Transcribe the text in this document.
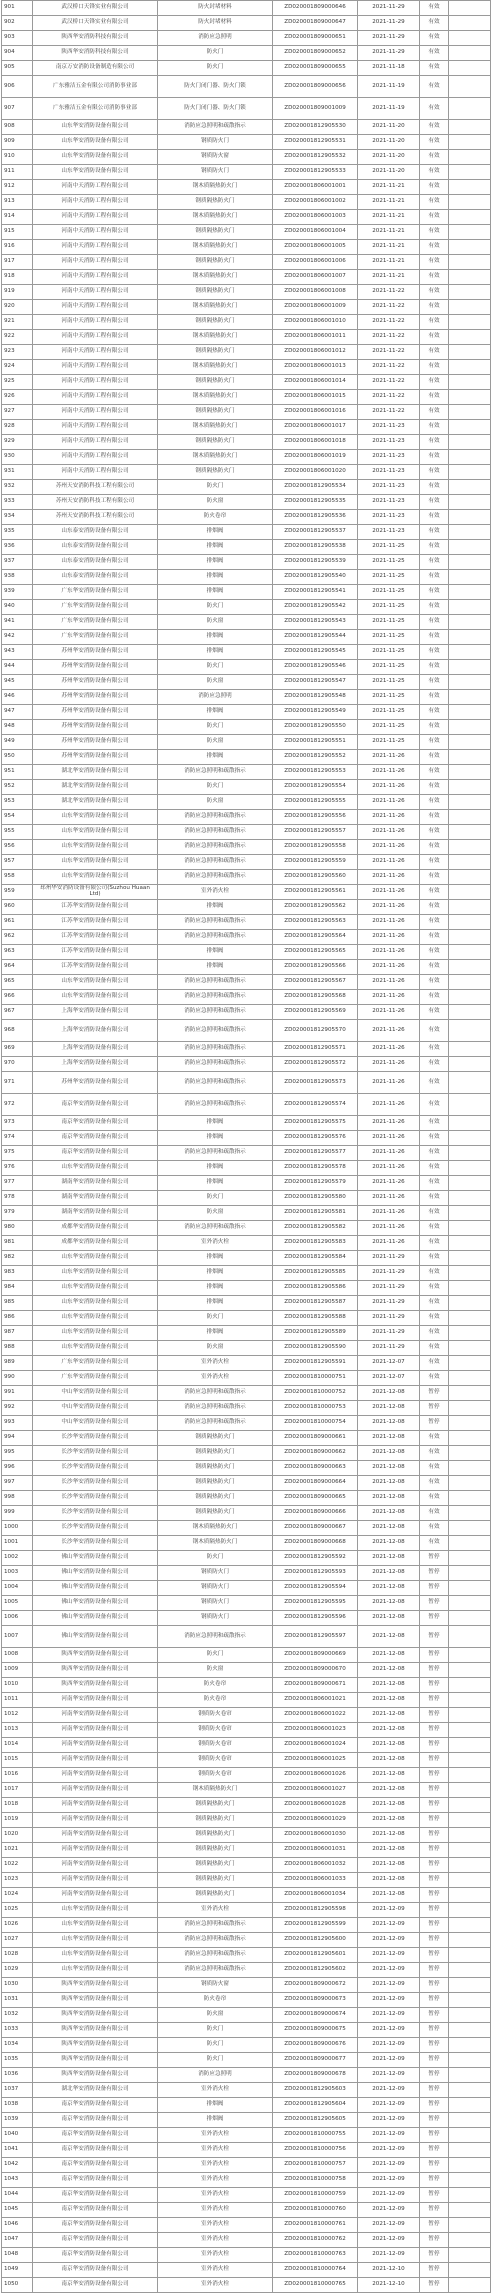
901	武汉桥口天锋实业有限公司	防火封堵材料	ZD020001809000646	2021-11-29	有效	
902	武汉桥口天锋实业有限公司	防火封堵材料	ZD020001809000647	2021-11-29	有效	
903	陕西华安消防科技有限公司	消防应急照明	ZD020001809000651	2021-11-29	有效	
904	陕西华安消防科技有限公司	防火门	ZD020001809000652	2021-11-29	有效	
905	南京万安消防设备制造有限公司	防火门	ZD020001809000655	2021-11-18	有效	
906	广东雅洁五金有限公司消防事业部	防火门闭门器、防火门锁	ZD020001809000656	2021-11-19	有效	
907	广东雅洁五金有限公司消防事业部	防火门闭门器、防火门锁	ZD020001809001009	2021-11-19	有效	
908	山东华安消防设备有限公司	消防应急照明和疏散指示	ZD020001812905530	2021-11-20	有效	
909	山东华安消防设备有限公司	钢质防火门	ZD020001812905531	2021-11-20	有效	
910	山东华安消防设备有限公司	钢质防火窗	ZD020001812905532	2021-11-20	有效	
911	山东华安消防设备有限公司	钢质防火门	ZD020001812905533	2021-11-20	有效	
912	河南中天消防工程有限公司	钢木质隔热防火门	ZD020001806001001	2021-11-21	有效	
913	河南中天消防工程有限公司	钢质隔热防火门	ZD020001806001002	2021-11-21	有效	
914	河南中天消防工程有限公司	钢木质隔热防火门	ZD020001806001003	2021-11-21	有效	
915	河南中天消防工程有限公司	钢质隔热防火门	ZD020001806001004	2021-11-21	有效	
916	河南中天消防工程有限公司	钢木质隔热防火门	ZD020001806001005	2021-11-21	有效	
917	河南中天消防工程有限公司	钢质隔热防火门	ZD020001806001006	2021-11-21	有效	
918	河南中天消防工程有限公司	钢木质隔热防火门	ZD020001806001007	2021-11-21	有效	
919	河南中天消防工程有限公司	钢质隔热防火门	ZD020001806001008	2021-11-22	有效	
920	河南中天消防工程有限公司	钢木质隔热防火门	ZD020001806001009	2021-11-22	有效	
921	河南中天消防工程有限公司	钢质隔热防火门	ZD020001806001010	2021-11-22	有效	
922	河南中天消防工程有限公司	钢木质隔热防火门	ZD020001806001011	2021-11-22	有效	
923	河南中天消防工程有限公司	钢质隔热防火门	ZD020001806001012	2021-11-22	有效	
924	河南中天消防工程有限公司	钢木质隔热防火门	ZD020001806001013	2021-11-22	有效	
925	河南中天消防工程有限公司	钢质隔热防火门	ZD020001806001014	2021-11-22	有效	
926	河南中天消防工程有限公司	钢木质隔热防火门	ZD020001806001015	2021-11-22	有效	
927	河南中天消防工程有限公司	钢质隔热防火门	ZD020001806001016	2021-11-22	有效	
928	河南中天消防工程有限公司	钢木质隔热防火门	ZD020001806001017	2021-11-23	有效	
929	河南中天消防工程有限公司	钢质隔热防火门	ZD020001806001018	2021-11-23	有效	
930	河南中天消防工程有限公司	钢木质隔热防火门	ZD020001806001019	2021-11-23	有效	
931	河南中天消防工程有限公司	钢质隔热防火门	ZD020001806001020	2021-11-23	有效	
932	苏州天安消防科技工程有限公司	防火门	ZD020001812905534	2021-11-23	有效	
933	苏州天安消防科技工程有限公司	防火窗	ZD020001812905535	2021-11-23	有效	
934	苏州天安消防科技工程有限公司	防火卷帘	ZD020001812905536	2021-11-23	有效	
935	山东泰安消防设备有限公司	排烟阀	ZD020001812905537	2021-11-23	有效	
936	山东泰安消防设备有限公司	排烟阀	ZD020001812905538	2021-11-25	有效	
937	山东泰安消防设备有限公司	排烟阀	ZD020001812905539	2021-11-25	有效	
938	山东泰安消防设备有限公司	排烟阀	ZD020001812905540	2021-11-25	有效	
939	广东华安消防设备有限公司	排烟阀	ZD020001812905541	2021-11-25	有效	
940	广东华安消防设备有限公司	防火门	ZD020001812905542	2021-11-25	有效	
941	广东华安消防设备有限公司	防火窗	ZD020001812905543	2021-11-25	有效	
942	广东华安消防设备有限公司	排烟阀	ZD020001812905544	2021-11-25	有效	
943	苏州华安消防设备有限公司	排烟阀	ZD020001812905545	2021-11-25	有效	
944	苏州华安消防设备有限公司	防火门	ZD020001812905546	2021-11-25	有效	
945	苏州华安消防设备有限公司	防火窗	ZD020001812905547	2021-11-25	有效	
946	苏州华安消防设备有限公司	消防应急照明	ZD020001812905548	2021-11-25	有效	
947	苏州华安消防设备有限公司	排烟阀	ZD020001812905549	2021-11-25	有效	
948	苏州华安消防设备有限公司	防火门	ZD020001812905550	2021-11-25	有效	
949	苏州华安消防设备有限公司	防火窗	ZD020001812905551	2021-11-25	有效	
950	苏州华安消防设备有限公司	排烟阀	ZD020001812905552	2021-11-26	有效	
951	湖北华安消防设备有限公司	消防应急照明和疏散指示	ZD020001812905553	2021-11-26	有效	
952	湖北华安消防设备有限公司	防火门	ZD020001812905554	2021-11-26	有效	
953	湖北华安消防设备有限公司	防火窗	ZD020001812905555	2021-11-26	有效	
954	山东华安消防设备有限公司	消防应急照明和疏散指示	ZD020001812905556	2021-11-26	有效	
955	山东华安消防设备有限公司	消防应急照明和疏散指示	ZD020001812905557	2021-11-26	有效	
956	山东华安消防设备有限公司	消防应急照明和疏散指示	ZD020001812905558	2021-11-26	有效	
957	山东华安消防设备有限公司	消防应急照明和疏散指示	ZD020001812905559	2021-11-26	有效	
958	山东华安消防设备有限公司	消防应急照明和疏散指示	ZD020001812905560	2021-11-26	有效	
959	邳州华安消防设备有限公司(Suzhou Huaan Ltd)	室外消火栓	ZD020001812905561	2021-11-26	有效	
960	江苏华安消防设备有限公司	排烟阀	ZD020001812905562	2021-11-26	有效	
961	江苏华安消防设备有限公司	消防应急照明和疏散指示	ZD020001812905563	2021-11-26	有效	
962	江苏华安消防设备有限公司	消防应急照明和疏散指示	ZD020001812905564	2021-11-26	有效	
963	江苏华安消防设备有限公司	排烟阀	ZD020001812905565	2021-11-26	有效	
964	江苏华安消防设备有限公司	排烟阀	ZD020001812905566	2021-11-26	有效	
965	山东华安消防设备有限公司	消防应急照明和疏散指示	ZD020001812905567	2021-11-26	有效	
966	山东华安消防设备有限公司	消防应急照明和疏散指示	ZD020001812905568	2021-11-26	有效	
967	上海华安消防设备有限公司	消防应急照明和疏散指示	ZD020001812905569	2021-11-26	有效	
968	上海华安消防设备有限公司	消防应急照明和疏散指示	ZD020001812905570	2021-11-26	有效	
969	上海华安消防设备有限公司	消防应急照明和疏散指示	ZD020001812905571	2021-11-26	有效	
970	上海华安消防设备有限公司	消防应急照明和疏散指示	ZD020001812905572	2021-11-26	有效	
971	苏州华安消防设备有限公司	消防应急照明和疏散指示	ZD020001812905573	2021-11-26	有效	
972	南京华安消防设备有限公司	消防应急照明和疏散指示	ZD020001812905574	2021-11-26	有效	
973	南京华安消防设备有限公司	排烟阀	ZD020001812905575	2021-11-26	有效	
974	南京华安消防设备有限公司	排烟阀	ZD020001812905576	2021-11-26	有效	
975	南京华安消防设备有限公司	消防应急照明和疏散指示	ZD020001812905577	2021-11-26	有效	
976	山东华安消防设备有限公司	排烟阀	ZD020001812905578	2021-11-26	有效	
977	湖南华安消防设备有限公司	排烟阀	ZD020001812905579	2021-11-26	有效	
978	湖南华安消防设备有限公司	防火门	ZD020001812905580	2021-11-26	有效	
979	湖南华安消防设备有限公司	防火窗	ZD020001812905581	2021-11-26	有效	
980	成都华安消防设备有限公司	消防应急照明和疏散指示	ZD020001812905582	2021-11-26	有效	
981	成都华安消防设备有限公司	室外消火栓	ZD020001812905583	2021-11-26	有效	
982	山东华安消防设备有限公司	排烟阀	ZD020001812905584	2021-11-29	有效	
983	山东华安消防设备有限公司	排烟阀	ZD020001812905585	2021-11-29	有效	
984	山东华安消防设备有限公司	排烟阀	ZD020001812905586	2021-11-29	有效	
985	山东华安消防设备有限公司	排烟阀	ZD020001812905587	2021-11-29	有效	
986	山东华安消防设备有限公司	防火门	ZD020001812905588	2021-11-29	有效	
987	山东华安消防设备有限公司	排烟阀	ZD020001812905589	2021-11-29	有效	
988	山东华安消防设备有限公司	防火窗	ZD020001812905590	2021-11-29	有效	
989	广东华安消防设备有限公司	室外消火栓	ZD020001812905591	2021-12-07	有效	
990	广东华安消防设备有限公司	室外消火栓	ZD020001810000751	2021-12-07	有效	
991	中山华安消防设备有限公司	消防应急照明和疏散指示	ZD020001810000752	2021-12-08	暂停	
992	中山华安消防设备有限公司	消防应急照明和疏散指示	ZD020001810000753	2021-12-08	暂停	
993	中山华安消防设备有限公司	消防应急照明和疏散指示	ZD020001810000754	2021-12-08	暂停	
994	长沙华安消防设备有限公司	钢质隔热防火门	ZD020001809000661	2021-12-08	有效	
995	长沙华安消防设备有限公司	钢质隔热防火门	ZD020001809000662	2021-12-08	有效	
996	长沙华安消防设备有限公司	钢质隔热防火门	ZD020001809000663	2021-12-08	有效	
997	长沙华安消防设备有限公司	钢质隔热防火门	ZD020001809000664	2021-12-08	有效	
998	长沙华安消防设备有限公司	钢质隔热防火门	ZD020001809000665	2021-12-08	有效	
999	长沙华安消防设备有限公司	钢质隔热防火门	ZD020001809000666	2021-12-08	有效	
1000	长沙华安消防设备有限公司	钢木质隔热防火门	ZD020001809000667	2021-12-08	有效	
1001	长沙华安消防设备有限公司	钢木质隔热防火门	ZD020001809000668	2021-12-08	有效	
1002	佛山华安消防设备有限公司	防火门	ZD020001812905592	2021-12-08	暂停	
1003	佛山华安消防设备有限公司	钢质防火门	ZD020001812905593	2021-12-08	暂停	
1004	佛山华安消防设备有限公司	钢质防火门	ZD020001812905594	2021-12-08	暂停	
1005	佛山华安消防设备有限公司	钢质防火门	ZD020001812905595	2021-12-08	暂停	
1006	佛山华安消防设备有限公司	钢质防火门	ZD020001812905596	2021-12-08	暂停	
1007	佛山华安消防设备有限公司	消防应急照明和疏散指示	ZD020001812905597	2021-12-08	暂停	
1008	陕西华安消防设备有限公司	防火门	ZD020001809000669	2021-12-08	暂停	
1009	陕西华安消防设备有限公司	防火窗	ZD020001809000670	2021-12-08	暂停	
1010	陕西华安消防设备有限公司	防火卷帘	ZD020001809000671	2021-12-08	暂停	
1011	河南华安消防设备有限公司	防火卷帘	ZD020001806001021	2021-12-08	暂停	
1012	河南华安消防设备有限公司	钢质防火卷帘	ZD020001806001022	2021-12-08	暂停	
1013	河南华安消防设备有限公司	钢质防火卷帘	ZD020001806001023	2021-12-08	暂停	
1014	河南华安消防设备有限公司	钢质防火卷帘	ZD020001806001024	2021-12-08	暂停	
1015	河南华安消防设备有限公司	钢质防火卷帘	ZD020001806001025	2021-12-08	暂停	
1016	河南华安消防设备有限公司	钢质防火卷帘	ZD020001806001026	2021-12-08	暂停	
1017	河南华安消防设备有限公司	钢木质隔热防火门	ZD020001806001027	2021-12-08	暂停	
1018	河南华安消防设备有限公司	钢质隔热防火门	ZD020001806001028	2021-12-08	暂停	
1019	河南华安消防设备有限公司	钢质隔热防火门	ZD020001806001029	2021-12-08	暂停	
1020	河南华安消防设备有限公司	钢质隔热防火门	ZD020001806001030	2021-12-08	暂停	
1021	河南华安消防设备有限公司	钢质隔热防火门	ZD020001806001031	2021-12-08	暂停	
1022	河南华安消防设备有限公司	钢质隔热防火门	ZD020001806001032	2021-12-08	暂停	
1023	河南华安消防设备有限公司	钢质隔热防火门	ZD020001806001033	2021-12-08	暂停	
1024	河南华安消防设备有限公司	钢质隔热防火门	ZD020001806001034	2021-12-08	暂停	
1025	山东华安消防设备有限公司	室外消火栓	ZD020001812905598	2021-12-09	暂停	
1026	山东华安消防设备有限公司	消防应急照明和疏散指示	ZD020001812905599	2021-12-09	暂停	
1027	山东华安消防设备有限公司	消防应急照明和疏散指示	ZD020001812905600	2021-12-09	暂停	
1028	山东华安消防设备有限公司	消防应急照明和疏散指示	ZD020001812905601	2021-12-09	暂停	
1029	山东华安消防设备有限公司	消防应急照明和疏散指示	ZD020001812905602	2021-12-09	暂停	
1030	陕西华安消防设备有限公司	钢质防火窗	ZD020001809000672	2021-12-09	暂停	
1031	陕西华安消防设备有限公司	防火卷帘	ZD020001809000673	2021-12-09	暂停	
1032	陕西华安消防设备有限公司	防火窗	ZD020001809000674	2021-12-09	暂停	
1033	陕西华安消防设备有限公司	防火门	ZD020001809000675	2021-12-09	暂停	
1034	陕西华安消防设备有限公司	防火门	ZD020001809000676	2021-12-09	暂停	
1035	陕西华安消防设备有限公司	防火门	ZD020001809000677	2021-12-09	暂停	
1036	陕西华安消防设备有限公司	消防应急照明	ZD020001809000678	2021-12-09	暂停	
1037	湖北华安消防设备有限公司	室外消火栓	ZD020001812905603	2021-12-09	暂停	
1038	南京华安消防设备有限公司	排烟阀	ZD020001812905604	2021-12-09	暂停	
1039	南京华安消防设备有限公司	排烟阀	ZD020001812905605	2021-12-09	暂停	
1040	南京华安消防设备有限公司	室外消火栓	ZD020001810000755	2021-12-09	暂停	
1041	南京华安消防设备有限公司	室外消火栓	ZD020001810000756	2021-12-09	暂停	
1042	南京华安消防设备有限公司	室外消火栓	ZD020001810000757	2021-12-09	暂停	
1043	南京华安消防设备有限公司	室外消火栓	ZD020001810000758	2021-12-09	暂停	
1044	南京华安消防设备有限公司	室外消火栓	ZD020001810000759	2021-12-09	暂停	
1045	南京华安消防设备有限公司	室外消火栓	ZD020001810000760	2021-12-09	暂停	
1046	南京华安消防设备有限公司	室外消火栓	ZD020001810000761	2021-12-09	暂停	
1047	南京华安消防设备有限公司	室外消火栓	ZD020001810000762	2021-12-09	暂停	
1048	南京华安消防设备有限公司	室外消火栓	ZD020001810000763	2021-12-09	暂停	
1049	南京华安消防设备有限公司	室外消火栓	ZD020001810000764	2021-12-10	暂停	
1050	南京华安消防设备有限公司	室外消火栓	ZD020001810000765	2021-12-10	暂停	
